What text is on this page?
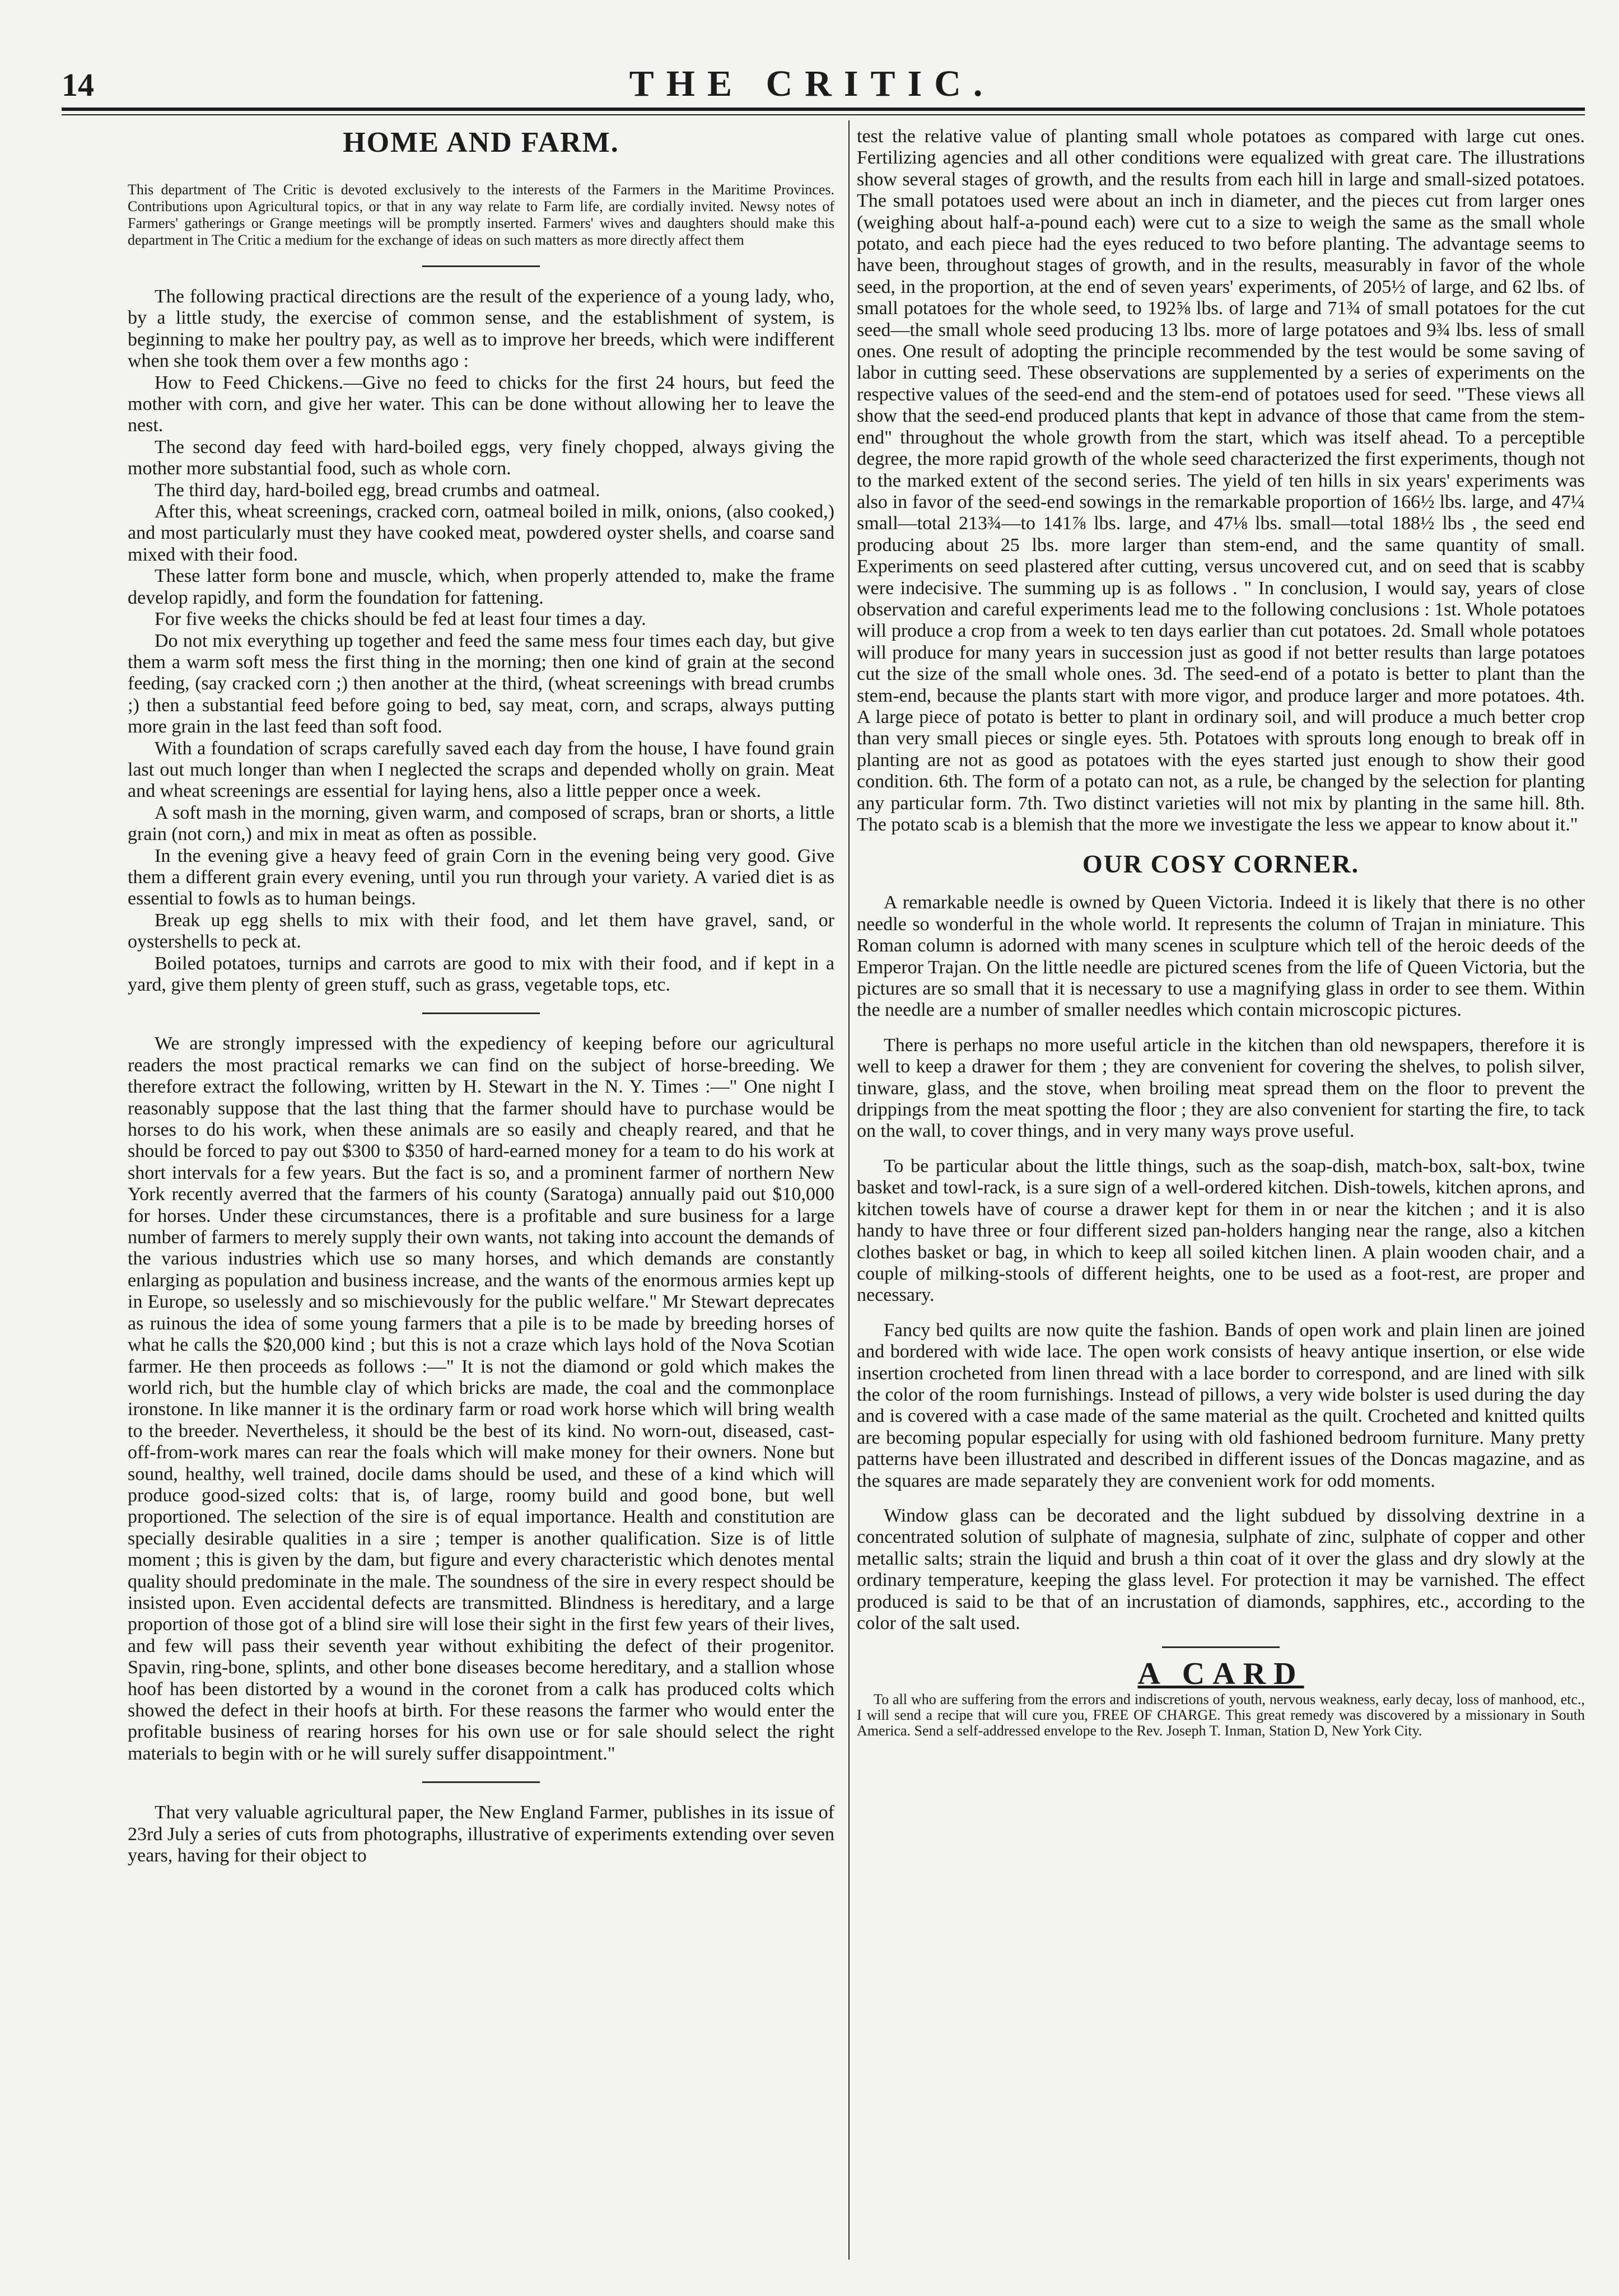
14	THE CRITIC.
HOME AND FARM.

This department of The Critic is devoted exclusively to the interests of the Farmers in the Maritime Provinces. Contributions upon Agricultural topics, or that in any way relate to Farm life, are cordially invited. Newsy notes of Farmers' gatherings or Grange meetings will be promptly inserted. Farmers' wives and daughters should make this department in The Critic a medium for the exchange of ideas on such matters as more directly affect them

The following practical directions are the result of the experience of a young lady, who, by a little study, the exercise of common sense, and the establishment of system, is beginning to make her poultry pay, as well as to improve her breeds, which were indifferent when she took them over a few months ago :

How to Feed Chickens.—Give no feed to chicks for the first 24 hours, but feed the mother with corn, and give her water. This can be done without allowing her to leave the nest.

The second day feed with hard-boiled eggs, very finely chopped, always giving the mother more substantial food, such as whole corn.

The third day, hard-boiled egg, bread crumbs and oatmeal.

After this, wheat screenings, cracked corn, oatmeal boiled in milk, onions, (also cooked,) and most particularly must they have cooked meat, powdered oyster shells, and coarse sand mixed with their food.

These latter form bone and muscle, which, when properly attended to, make the frame develop rapidly, and form the foundation for fattening.

For five weeks the chicks should be fed at least four times a day.

Do not mix everything up together and feed the same mess four times each day, but give them a warm soft mess the first thing in the morning; then one kind of grain at the second feeding, (say cracked corn ;) then another at the third, (wheat screenings with bread crumbs ;) then a substantial feed before going to bed, say meat, corn, and scraps, always putting more grain in the last feed than soft food.

With a foundation of scraps carefully saved each day from the house, I have found grain last out much longer than when I neglected the scraps and depended wholly on grain. Meat and wheat screenings are essential for laying hens, also a little pepper once a week.

A soft mash in the morning, given warm, and composed of scraps, bran or shorts, a little grain (not corn,) and mix in meat as often as possible.

In the evening give a heavy feed of grain Corn in the evening being very good. Give them a different grain every evening, until you run through your variety. A varied diet is as essential to fowls as to human beings.

Break up egg shells to mix with their food, and let them have gravel, sand, or oystershells to peck at.

Boiled potatoes, turnips and carrots are good to mix with their food, and if kept in a yard, give them plenty of green stuff, such as grass, vegetable tops, etc.

We are strongly impressed with the expediency of keeping before our agricultural readers the most practical remarks we can find on the subject of horse-breeding. We therefore extract the following, written by H. Stewart in the N. Y. Times :—" One night I reasonably suppose that the last thing that the farmer should have to purchase would be horses to do his work, when these animals are so easily and cheaply reared, and that he should be forced to pay out $300 to $350 of hard-earned money for a team to do his work at short intervals for a few years. But the fact is so, and a prominent farmer of northern New York recently averred that the farmers of his county (Saratoga) annually paid out $10,000 for horses. Under these circumstances, there is a profitable and sure business for a large number of farmers to merely supply their own wants, not taking into account the demands of the various industries which use so many horses, and which demands are constantly enlarging as population and business increase, and the wants of the enormous armies kept up in Europe, so uselessly and so mischievously for the public welfare." Mr Stewart deprecates as ruinous the idea of some young farmers that a pile is to be made by breeding horses of what he calls the $20,000 kind ; but this is not a craze which lays hold of the Nova Scotian farmer. He then proceeds as follows :—" It is not the diamond or gold which makes the world rich, but the humble clay of which bricks are made, the coal and the commonplace ironstone. In like manner it is the ordinary farm or road work horse which will bring wealth to the breeder. Nevertheless, it should be the best of its kind. No worn-out, diseased, cast-off-from-work mares can rear the foals which will make money for their owners. None but sound, healthy, well trained, docile dams should be used, and these of a kind which will produce good-sized colts: that is, of large, roomy build and good bone, but well proportioned. The selection of the sire is of equal importance. Health and constitution are specially desirable qualities in a sire ; temper is another qualification. Size is of little moment ; this is given by the dam, but figure and every characteristic which denotes mental quality should predominate in the male. The soundness of the sire in every respect should be insisted upon. Even accidental defects are transmitted. Blindness is hereditary, and a large proportion of those got of a blind sire will lose their sight in the first few years of their lives, and few will pass their seventh year without exhibiting the defect of their progenitor. Spavin, ring-bone, splints, and other bone diseases become hereditary, and a stallion whose hoof has been distorted by a wound in the coronet from a calk has produced colts which showed the defect in their hoofs at birth. For these reasons the farmer who would enter the profitable business of rearing horses for his own use or for sale should select the right materials to begin with or he will surely suffer disappointment."

That very valuable agricultural paper, the New England Farmer, publishes in its issue of 23rd July a series of cuts from photographs, illustrative of experiments extending over seven years, having for their object to

test the relative value of planting small whole potatoes as compared with large cut ones. Fertilizing agencies and all other conditions were equalized with great care. The illustrations show several stages of growth, and the results from each hill in large and small-sized potatoes. The small potatoes used were about an inch in diameter, and the pieces cut from larger ones (weighing about half-a-pound each) were cut to a size to weigh the same as the small whole potato, and each piece had the eyes reduced to two before planting. The advantage seems to have been, throughout stages of growth, and in the results, measurably in favor of the whole seed, in the proportion, at the end of seven years' experiments, of 205½ of large, and 62 lbs. of small potatoes for the whole seed, to 192⅝ lbs. of large and 71¾ of small potatoes for the cut seed—the small whole seed producing 13 lbs. more of large potatoes and 9¾ lbs. less of small ones. One result of adopting the principle recommended by the test would be some saving of labor in cutting seed. These observations are supplemented by a series of experiments on the respective values of the seed-end and the stem-end of potatoes used for seed. "These views all show that the seed-end produced plants that kept in advance of those that came from the stem-end" throughout the whole growth from the start, which was itself ahead. To a perceptible degree, the more rapid growth of the whole seed characterized the first experiments, though not to the marked extent of the second series. The yield of ten hills in six years' experiments was also in favor of the seed-end sowings in the remarkable proportion of 166½ lbs. large, and 47¼ small—total 213¾—to 141⅞ lbs. large, and 47⅛ lbs. small—total 188½ lbs , the seed end producing about 25 lbs. more larger than stem-end, and the same quantity of small. Experiments on seed plastered after cutting, versus uncovered cut, and on seed that is scabby were indecisive. The summing up is as follows . " In conclusion, I would say, years of close observation and careful experiments lead me to the following conclusions : 1st. Whole potatoes will produce a crop from a week to ten days earlier than cut potatoes. 2d. Small whole potatoes will produce for many years in succession just as good if not better results than large potatoes cut the size of the small whole ones. 3d. The seed-end of a potato is better to plant than the stem-end, because the plants start with more vigor, and produce larger and more potatoes. 4th. A large piece of potato is better to plant in ordinary soil, and will produce a much better crop than very small pieces or single eyes. 5th. Potatoes with sprouts long enough to break off in planting are not as good as potatoes with the eyes started just enough to show their good condition. 6th. The form of a potato can not, as a rule, be changed by the selection for planting any particular form. 7th. Two distinct varieties will not mix by planting in the same hill. 8th. The potato scab is a blemish that the more we investigate the less we appear to know about it."

OUR COSY CORNER.

A remarkable needle is owned by Queen Victoria. Indeed it is likely that there is no other needle so wonderful in the whole world. It represents the column of Trajan in miniature. This Roman column is adorned with many scenes in sculpture which tell of the heroic deeds of the Emperor Trajan. On the little needle are pictured scenes from the life of Queen Victoria, but the pictures are so small that it is necessary to use a magnifying glass in order to see them. Within the needle are a number of smaller needles which contain microscopic pictures.

There is perhaps no more useful article in the kitchen than old newspapers, therefore it is well to keep a drawer for them ; they are convenient for covering the shelves, to polish silver, tinware, glass, and the stove, when broiling meat spread them on the floor to prevent the drippings from the meat spotting the floor ; they are also convenient for starting the fire, to tack on the wall, to cover things, and in very many ways prove useful.

To be particular about the little things, such as the soap-dish, match-box, salt-box, twine basket and towl-rack, is a sure sign of a well-ordered kitchen. Dish-towels, kitchen aprons, and kitchen towels have of course a drawer kept for them in or near the kitchen ; and it is also handy to have three or four different sized pan-holders hanging near the range, also a kitchen clothes basket or bag, in which to keep all soiled kitchen linen. A plain wooden chair, and a couple of milking-stools of different heights, one to be used as a foot-rest, are proper and necessary.

Fancy bed quilts are now quite the fashion. Bands of open work and plain linen are joined and bordered with wide lace. The open work consists of heavy antique insertion, or else wide insertion crocheted from linen thread with a lace border to correspond, and are lined with silk the color of the room furnishings. Instead of pillows, a very wide bolster is used during the day and is covered with a case made of the same material as the quilt. Crocheted and knitted quilts are becoming popular especially for using with old fashioned bedroom furniture. Many pretty patterns have been illustrated and described in different issues of the Doncas magazine, and as the squares are made separately they are convenient work for odd moments.

Window glass can be decorated and the light subdued by dissolving dextrine in a concentrated solution of sulphate of magnesia, sulphate of zinc, sulphate of copper and other metallic salts; strain the liquid and brush a thin coat of it over the glass and dry slowly at the ordinary temperature, keeping the glass level. For protection it may be varnished. The effect produced is said to be that of an incrustation of diamonds, sapphires, etc., according to the color of the salt used.

A CARD

To all who are suffering from the errors and indiscretions of youth, nervous weakness, early decay, loss of manhood, etc., I will send a recipe that will cure you, FREE OF CHARGE. This great remedy was discovered by a missionary in South America. Send a self-addressed envelope to the Rev. Joseph T. Inman, Station D, New York City.
